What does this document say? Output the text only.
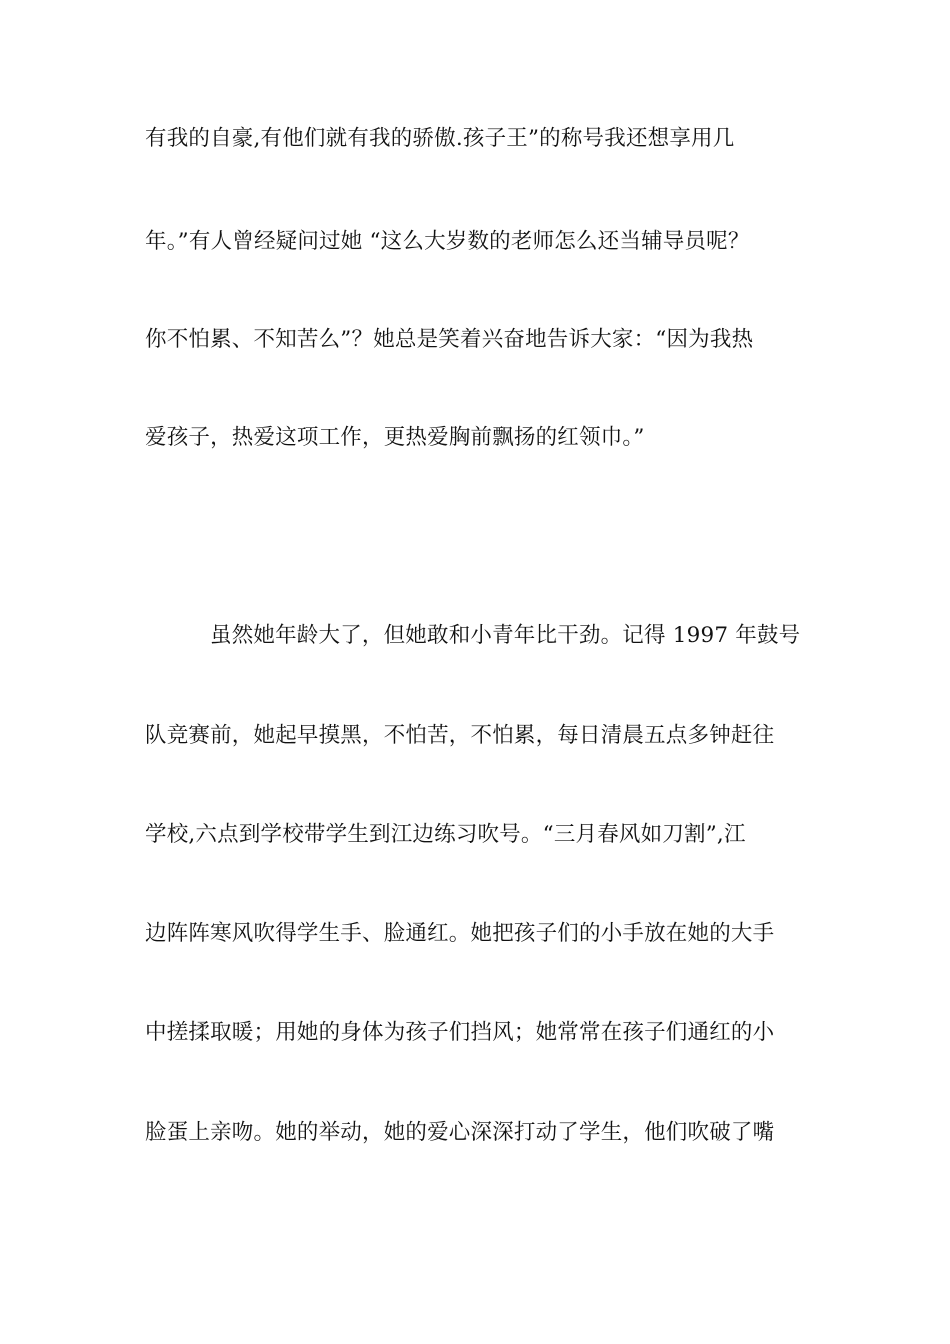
有我的自豪,有他们就有我的骄傲.孩子王”的称号我还想享用几
年。”有人曾经疑问过她 “这么大岁数的老师怎么还当辅导员呢？
你不怕累、不知苦么”？她总是笑着兴奋地告诉大家：“因为我热
爱孩子，热爱这项工作，更热爱胸前飘扬的红领巾。”
虽然她年龄大了，但她敢和小青年比干劲。记得 1997 年鼓号
队竞赛前，她起早摸黑，不怕苦，不怕累，每日清晨五点多钟赶往
学校,六点到学校带学生到江边练习吹号。“三月春风如刀割”,江
边阵阵寒风吹得学生手、脸通红。她把孩子们的小手放在她的大手
中搓揉取暖；用她的身体为孩子们挡风；她常常在孩子们通红的小
脸蛋上亲吻。她的举动，她的爱心深深打动了学生，他们吹破了嘴
